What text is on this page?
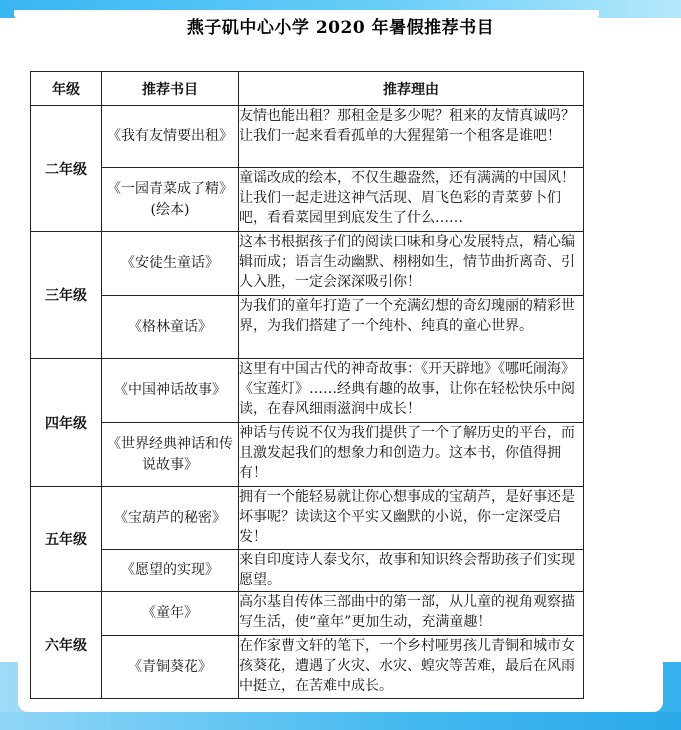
燕子矶中心小学 2020 年暑假推荐书目
年级	推荐书目	推荐理由
二年级	《我有友情要出租》	友情也能出租？那租金是多少呢？租来的友情真诚吗？让我们一起来看看孤单的大猩猩第一个租客是谁吧！
	《一园青菜成了精》(绘本)	童谣改成的绘本，不仅生趣盎然，还有满满的中国风！让我们一起走进这神气活现、眉飞色彩的青菜萝卜们吧，看看菜园里到底发生了什么……
三年级	《安徒生童话》	这本书根据孩子们的阅读口味和身心发展特点，精心编辑而成；语言生动幽默、栩栩如生，情节曲折离奇、引人入胜，一定会深深吸引你！
	《格林童话》	为我们的童年打造了一个充满幻想的奇幻瑰丽的精彩世界，为我们搭建了一个纯朴、纯真的童心世界。
四年级	《中国神话故事》	这里有中国古代的神奇故事：《开天辟地》《哪吒闹海》《宝莲灯》……经典有趣的故事，让你在轻松快乐中阅读，在春风细雨滋润中成长！
	《世界经典神话和传说故事》	神话与传说不仅为我们提供了一个了解历史的平台，而且激发起我们的想象力和创造力。这本书，你值得拥有！
五年级	《宝葫芦的秘密》	拥有一个能轻易就让你心想事成的宝葫芦，是好事还是坏事呢？读读这个平实又幽默的小说，你一定深受启发！
	《愿望的实现》	来自印度诗人泰戈尔，故事和知识终会帮助孩子们实现愿望。
六年级	《童年》	高尔基自传体三部曲中的第一部，从儿童的视角观察描写生活，使“童年”更加生动，充满童趣！
	《青铜葵花》	在作家曹文轩的笔下，一个乡村哑男孩儿青铜和城市女孩葵花，遭遇了火灾、水灾、蝗灾等苦难，最后在风雨中挺立，在苦难中成长。
